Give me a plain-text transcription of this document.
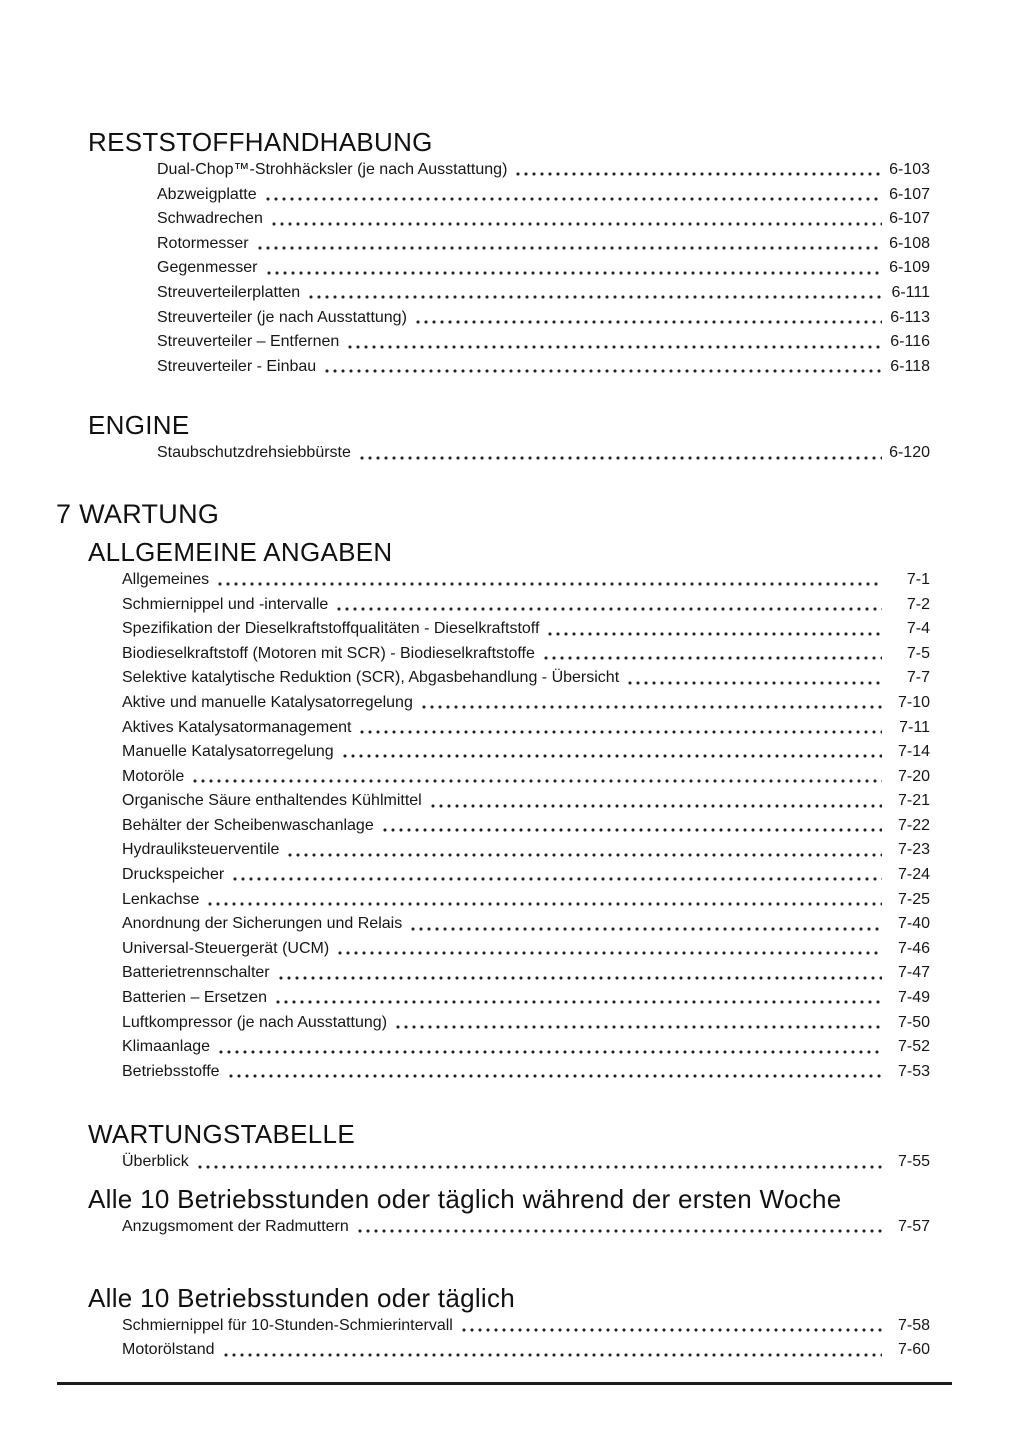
RESTSTOFFHANDHABUNG
Dual-Chop™-Strohhäcksler (je nach Ausstattung)	6-103
Abzweigplatte	6-107
Schwadrechen	6-107
Rotormesser	6-108
Gegenmesser	6-109
Streuverteilerplatten	6-111
Streuverteiler (je nach Ausstattung)	6-113
Streuverteiler – Entfernen	6-116
Streuverteiler - Einbau	6-118
ENGINE
Staubschutzdrehsiebbürste	6-120
7 WARTUNG
ALLGEMEINE ANGABEN
Allgemeines	7-1
Schmiernippel und -intervalle	7-2
Spezifikation der Dieselkraftstoffqualitäten - Dieselkraftstoff	7-4
Biodieselkraftstoff (Motoren mit SCR) - Biodieselkraftstoffe	7-5
Selektive katalytische Reduktion (SCR), Abgasbehandlung - Übersicht	7-7
Aktive und manuelle Katalysatorregelung	7-10
Aktives Katalysatormanagement	7-11
Manuelle Katalysatorregelung	7-14
Motoröle	7-20
Organische Säure enthaltendes Kühlmittel	7-21
Behälter der Scheibenwaschanlage	7-22
Hydrauliksteuerventile	7-23
Druckspeicher	7-24
Lenkachse	7-25
Anordnung der Sicherungen und Relais	7-40
Universal-Steuergerät (UCM)	7-46
Batterietrennschalter	7-47
Batterien – Ersetzen	7-49
Luftkompressor (je nach Ausstattung)	7-50
Klimaanlage	7-52
Betriebsstoffe	7-53
WARTUNGSTABELLE
Überblick	7-55
Alle 10 Betriebsstunden oder täglich während der ersten Woche
Anzugsmoment der Radmuttern	7-57
Alle 10 Betriebsstunden oder täglich
Schmiernippel für 10-Stunden-Schmierintervall	7-58
Motorölstand	7-60
